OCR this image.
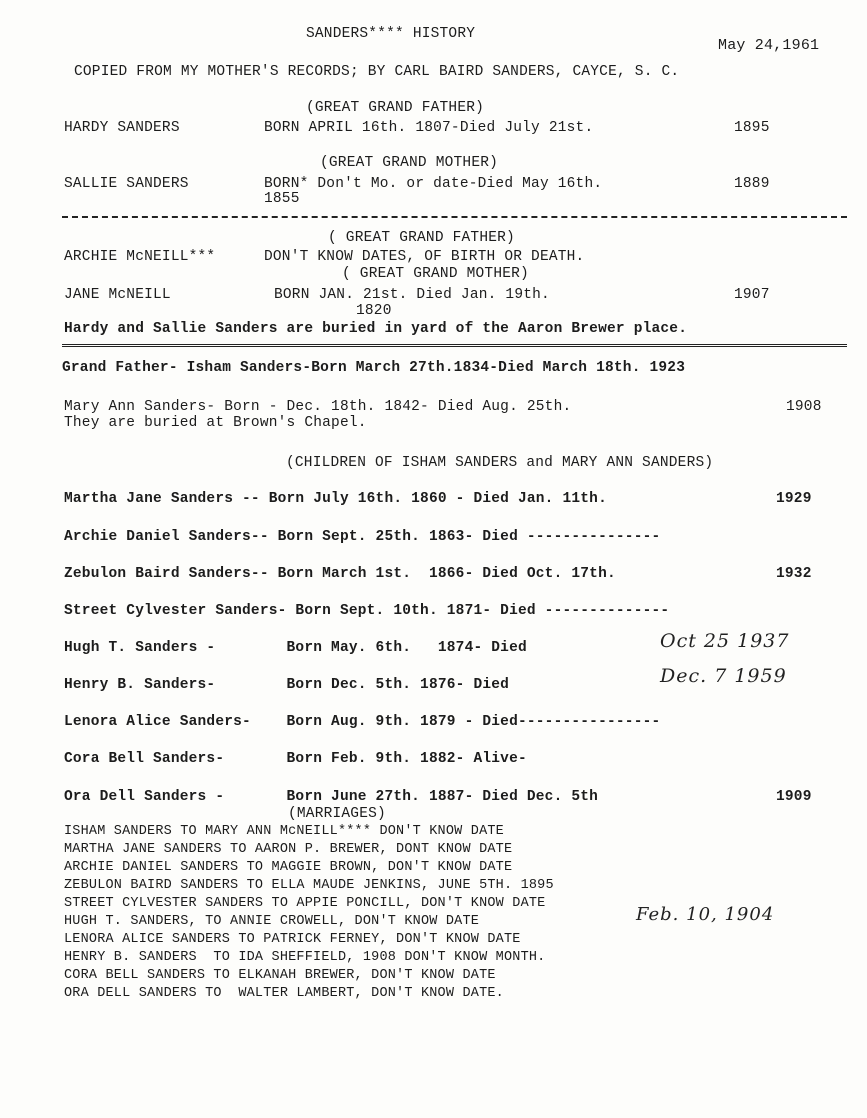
SANDERS**** HISTORY
May 24,1961
COPIED FROM MY MOTHER'S RECORDS; BY CARL BAIRD SANDERS, CAYCE, S. C.
(GREAT GRAND FATHER)
HARDY SANDERS	BORN APRIL 16th. 1807-Died July 21st.	1895
(GREAT GRAND MOTHER)
SALLIE SANDERS	BORN* Don't Mo. or date-Died May 16th.	1889
1855
( GREAT GRAND FATHER)
ARCHIE McNEILL***	DON'T KNOW DATES, OF BIRTH OR DEATH.
( GREAT GRAND MOTHER)
JANE McNEILL	BORN JAN. 21st. Died Jan. 19th.	1907
1820
Hardy and Sallie Sanders are buried in yard of the Aaron Brewer place.
Grand Father- Isham Sanders-Born March 27th.1834-Died March 18th. 1923
Mary Ann Sanders- Born - Dec. 18th. 1842- Died Aug. 25th.	1908
They are buried at Brown's Chapel.
(CHILDREN OF ISHAM SANDERS and MARY ANN SANDERS)
Martha Jane Sanders -- Born July 16th. 1860 - Died Jan. 11th.	1929
Archie Daniel Sanders-- Born Sept. 25th. 1863- Died ---------------
Zebulon Baird Sanders-- Born March 1st.  1866- Died Oct. 17th.	1932
Street Cylvester Sanders- Born Sept. 10th. 1871- Died --------------
Hugh T. Sanders -        Born May. 6th.   1874- Died	Oct 25 1937
Henry B. Sanders-        Born Dec. 5th. 1876- Died	Dec. 7 1959
Lenora Alice Sanders-    Born Aug. 9th. 1879 - Died----------------
Cora Bell Sanders-       Born Feb. 9th. 1882- Alive-
Ora Dell Sanders -       Born June 27th. 1887- Died Dec. 5th	1909
(MARRIAGES)
ISHAM SANDERS TO MARY ANN McNEILL**** DON'T KNOW DATE
MARTHA JANE SANDERS TO AARON P. BREWER, DONT KNOW DATE
ARCHIE DANIEL SANDERS TO MAGGIE BROWN, DON'T KNOW DATE
ZEBULON BAIRD SANDERS TO ELLA MAUDE JENKINS, JUNE 5TH. 1895
STREET CYLVESTER SANDERS TO APPIE PONCILL, DON'T KNOW DATE
HUGH T. SANDERS, TO ANNIE CROWELL, DON'T KNOW DATE	Feb. 10, 1904
LENORA ALICE SANDERS TO PATRICK FERNEY, DON'T KNOW DATE
HENRY B. SANDERS  TO IDA SHEFFIELD, 1908 DON'T KNOW MONTH.
CORA BELL SANDERS TO ELKANAH BREWER, DON'T KNOW DATE
ORA DELL SANDERS TO  WALTER LAMBERT, DON'T KNOW DATE.
